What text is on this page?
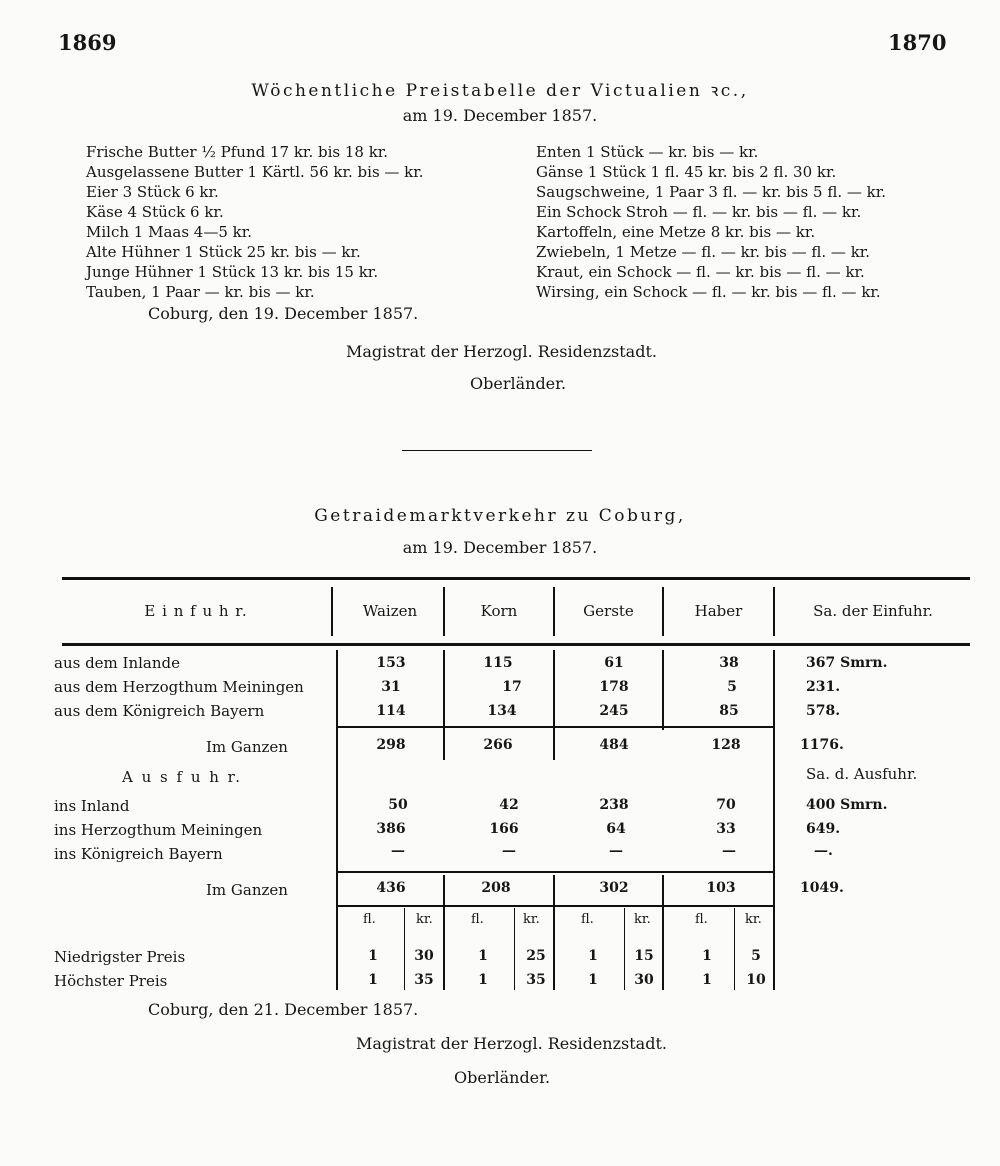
1869	1870
Wöchentliche Preistabelle der Victualien ꝛc.,
am 19. December 1857.
Frische Butter ½ Pfund 17 kr. bis 18 kr.
Ausgelassene Butter 1 Kärtl. 56 kr. bis — kr.
Eier 3 Stück 6 kr.
Käse 4 Stück 6 kr.
Milch 1 Maas 4—5 kr.
Alte Hühner 1 Stück 25 kr. bis — kr.
Junge Hühner 1 Stück 13 kr. bis 15 kr.
Tauben, 1 Paar — kr. bis — kr.
Enten 1 Stück — kr. bis — kr.
Gänse 1 Stück 1 fl. 45 kr. bis 2 fl. 30 kr.
Saugschweine, 1 Paar 3 fl. — kr. bis 5 fl. — kr.
Ein Schock Stroh — fl. — kr. bis — fl. — kr.
Kartoffeln, eine Metze 8 kr. bis — kr.
Zwiebeln, 1 Metze — fl. — kr. bis — fl. — kr.
Kraut, ein Schock — fl. — kr. bis — fl. — kr.
Wirsing, ein Schock — fl. — kr. bis — fl. — kr.
Coburg, den 19. December 1857.
Magistrat der Herzogl. Residenzstadt.
Oberländer.
Getraidemarktverkehr zu Coburg,
am 19. December 1857.
E i n f u h r.	Waizen	Korn	Gerste	Haber	Sa. der Einfuhr.
aus dem Inlande	153	115	61	38	367 Smrn.
aus dem Herzogthum Meiningen	31	17	178	5	231.
aus dem Königreich Bayern	114	134	245	85	578.
Im Ganzen	298	266	484	128	1176.
A u s f u h r.	Sa. d. Ausfuhr.
ins Inland	50	42	238	70	400 Smrn.
ins Herzogthum Meiningen	386	166	64	33	649.
ins Königreich Bayern	—	—	—	—	—.
Im Ganzen	436	208	302	103	1049.
fl.	kr.	fl.	kr.	fl.	kr.	fl.	kr.
Niedrigster Preis	1	30	1	25	1	15	1	5
Höchster Preis	1	35	1	35	1	30	1	10
Coburg, den 21. December 1857.
Magistrat der Herzogl. Residenzstadt.
Oberländer.
